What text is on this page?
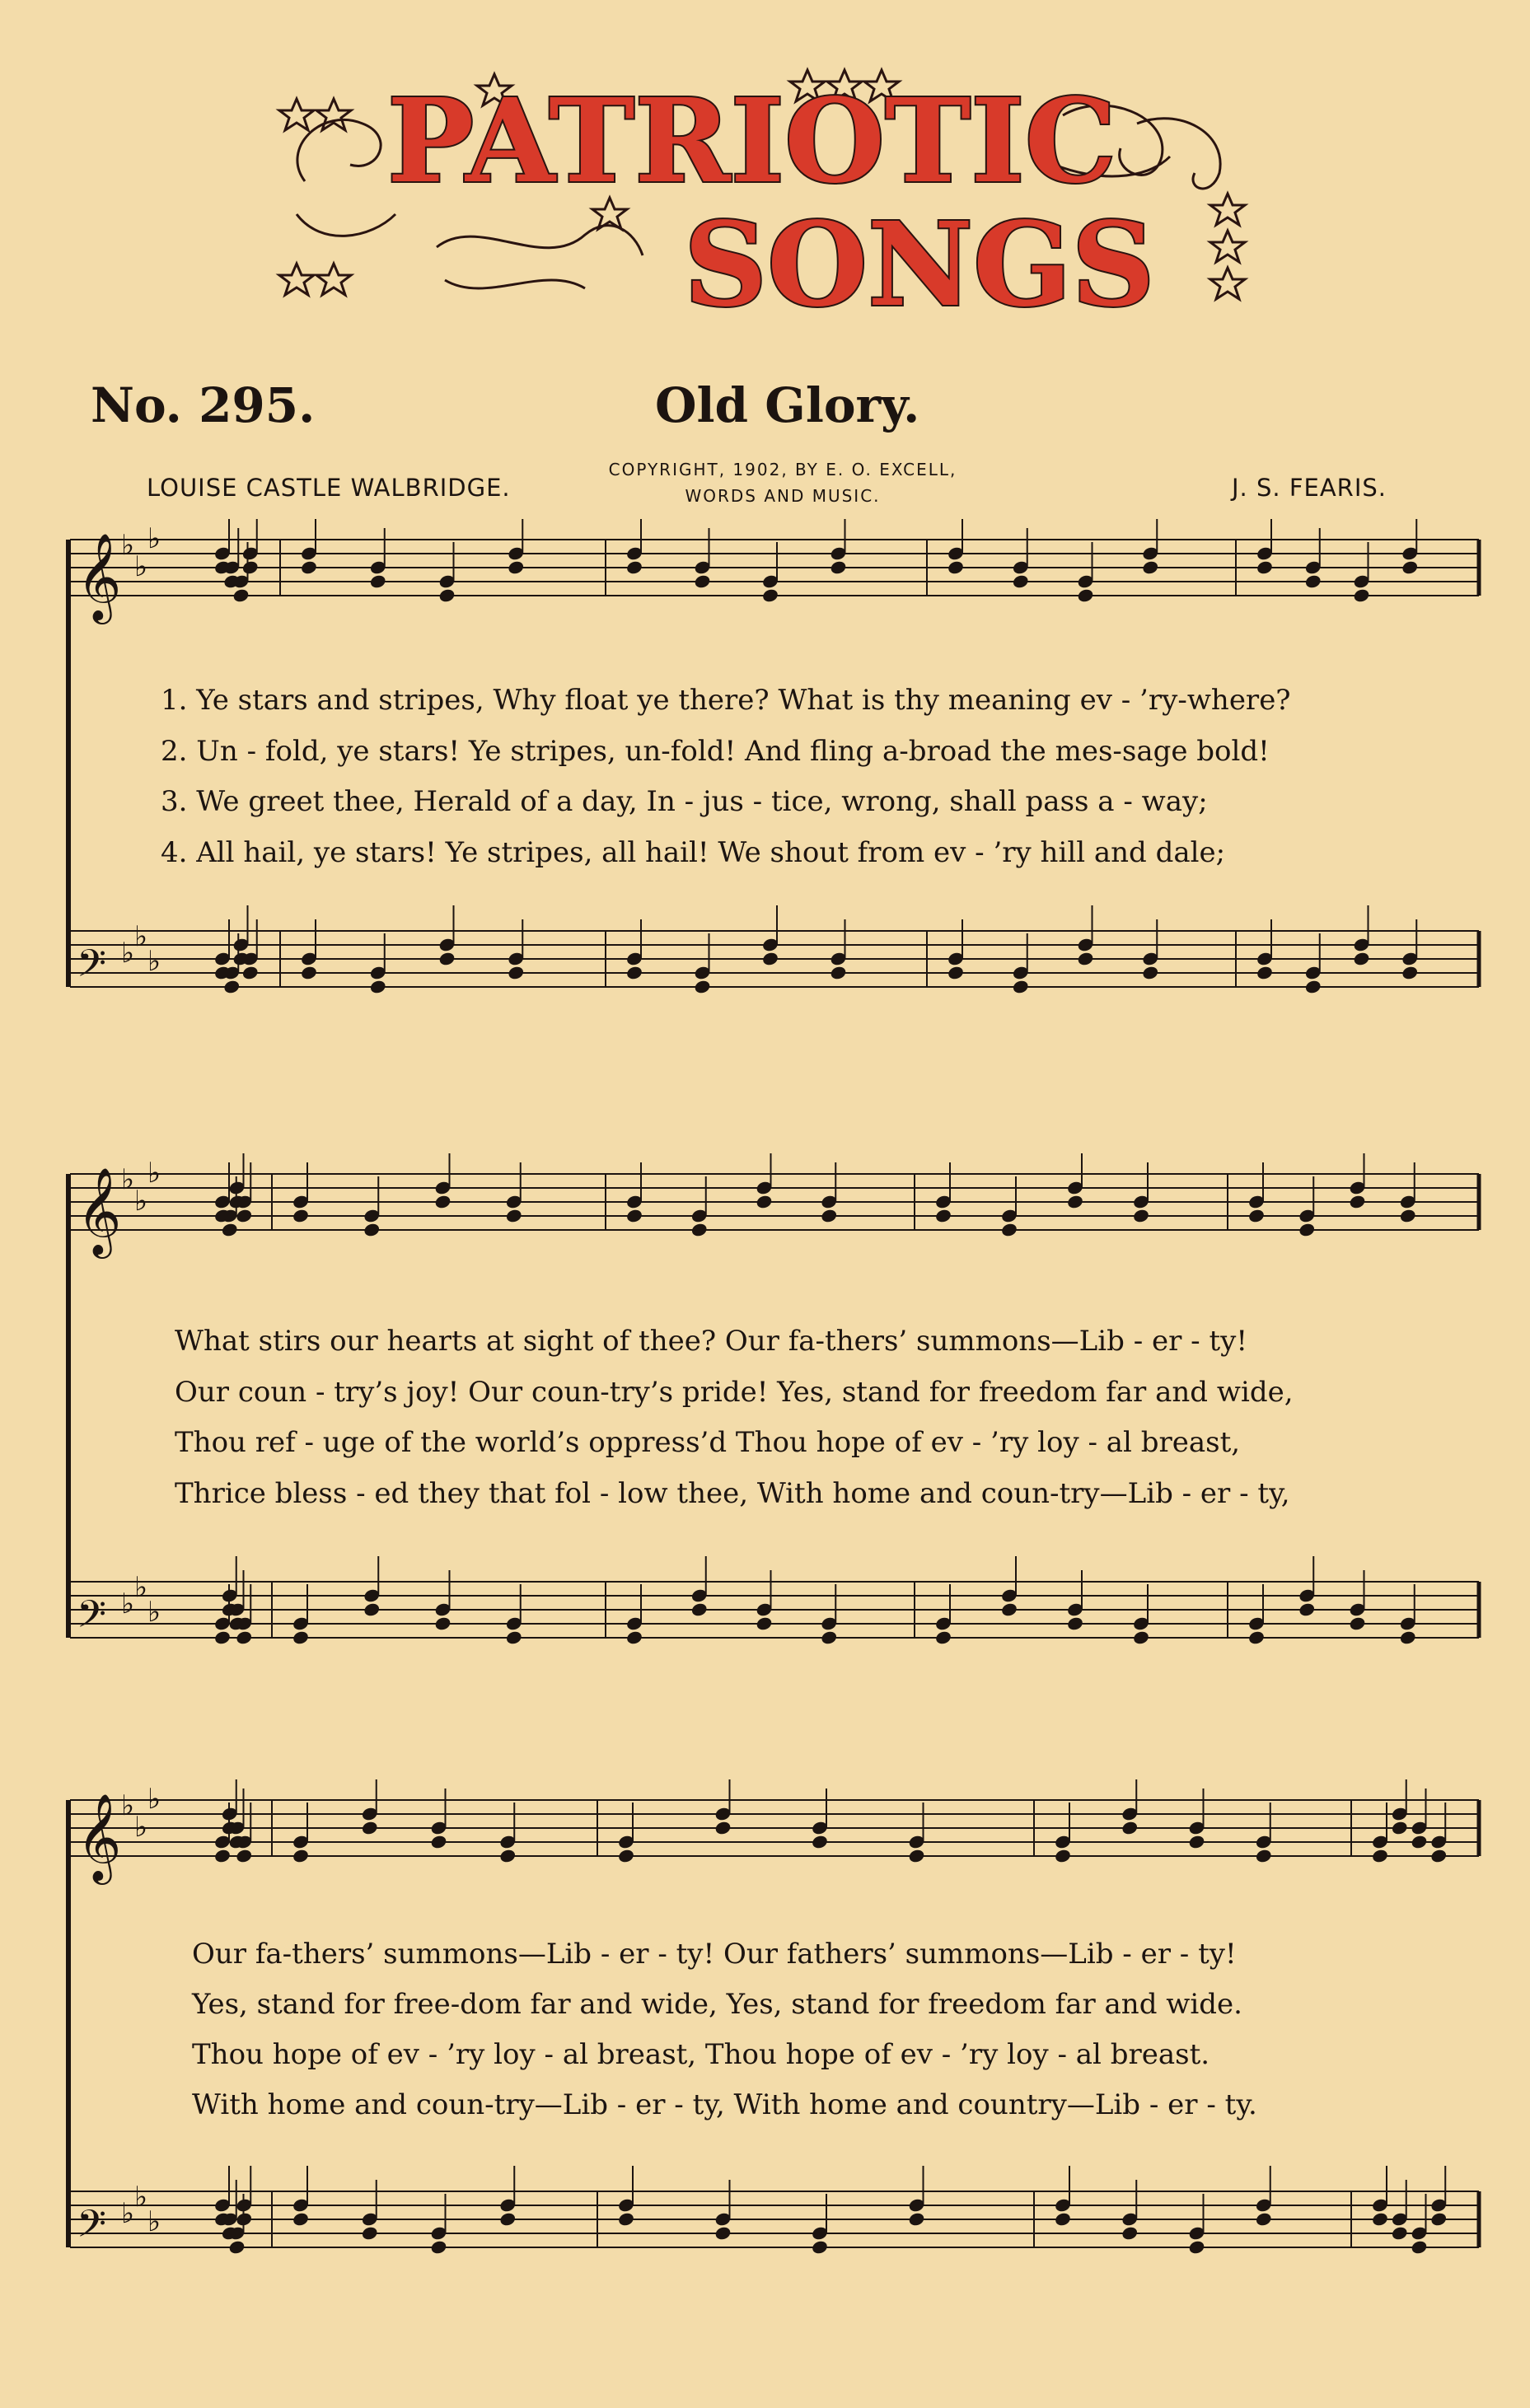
PATRIOTIC
SONGS
No. 295.	Old Glory.
LOUISE CASTLE WALBRIDGE.
COPYRIGHT, 1902, BY E. O. EXCELL,
WORDS AND MUSIC.	J. S. FEARIS.
𝄞 ♭
♭
♭
𝄢 ♭ ♭
♭
1. Ye stars and stripes, Why float ye there? What is thy meaning ev - ’ry-where?
2. Un - fold, ye stars! Ye stripes, un-fold! And fling a-broad the mes-sage bold!
3. We greet thee, Herald of a day, In - jus - tice, wrong, shall pass a - way;
4. All hail, ye stars! Ye stripes, all hail! We shout from ev - ’ry hill and dale;
𝄞 ♭
♭
♭
𝄢 ♭ ♭
♭
What stirs our hearts at sight of thee? Our fa-thers’ summons—Lib - er - ty!
Our coun - try’s joy! Our coun-try’s pride! Yes, stand for freedom far and wide,
Thou ref - uge of the world’s oppress’d Thou hope of ev - ’ry loy - al breast,
Thrice bless - ed they that fol - low thee, With home and coun-try—Lib - er - ty,
𝄞 ♭
♭
♭
𝄢 ♭ ♭
♭
Our fa-thers’ summons—Lib - er - ty! Our fathers’ summons—Lib - er - ty!
Yes, stand for free-dom far and wide, Yes, stand for freedom far and wide.
Thou hope of ev - ’ry loy - al breast, Thou hope of ev - ’ry loy - al breast.
With home and coun-try—Lib - er - ty, With home and country—Lib - er - ty.
